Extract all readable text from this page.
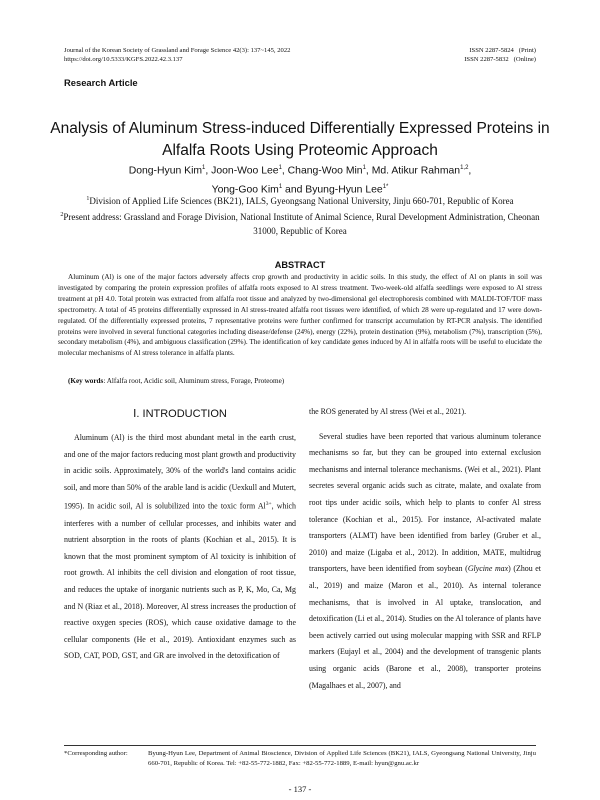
Journal of the Korean Society of Grassland and Forage Science 42(3): 137~145, 2022
https://doi.org/10.5333/KGFS.2022.42.3.137
ISSN 2287-5824   (Print)
ISSN 2287-5832   (Online)
Research Article
Analysis of Aluminum Stress-induced Differentially Expressed Proteins in
Alfalfa Roots Using Proteomic Approach
Dong-Hyun Kim$^1$, Joon-Woo Lee$^1$, Chang-Woo Min$^1$, Md. Atikur Rahman$^{1,2}$,
Yong-Goo Kim$^1$ and Byung-Hyun Lee$^{1*}$
$^1$Division of Applied Life Sciences (BK21), IALS, Gyeongsang National University, Jinju 660-701, Republic of Korea
$^2$Present address: Grassland and Forage Division, National Institute of Animal Science, Rural Development Administration, Cheonan 31000, Republic of Korea
ABSTRACT
Aluminum (Al) is one of the major factors adversely affects crop growth and productivity in acidic soils. In this study, the effect of Al on plants in soil was investigated by comparing the protein expression profiles of alfalfa roots exposed to Al stress treatment. Two-week-old alfalfa seedlings were exposed to Al stress treatment at pH 4.0. Total protein was extracted from alfalfa root tissue and analyzed by two-dimensional gel electrophoresis combined with MALDI-TOF/TOF mass spectrometry. A total of 45 proteins differentially expressed in Al stress-treated alfalfa root tissues were identified, of which 28 were up-regulated and 17 were down-regulated. Of the differentially expressed proteins, 7 representative proteins were further confirmed for transcript accumulation by RT-PCR analysis. The identified proteins were involved in several functional categories including disease/defense (24%), energy (22%), protein destination (9%), metabolism (7%), transcription (5%), secondary metabolism (4%), and ambiguous classification (29%). The identification of key candidate genes induced by Al in alfalfa roots will be useful to elucidate the molecular mechanisms of Al stress tolerance in alfalfa plants.
(Key words: Alfalfa root, Acidic soil, Aluminum stress, Forage, Proteome)
Ⅰ. INTRODUCTION

Aluminum (Al) is the third most abundant metal in the earth crust, and one of the major factors reducing most plant growth and productivity in acidic soils. Approximately, 30% of the world's land contains acidic soil, and more than 50% of the arable land is acidic (Uexkull and Mutert, 1995). In acidic soil, Al is solubilized into the toxic form $Al^{3+}$, which interferes with a number of cellular processes, and inhibits water and nutrient absorption in the roots of plants (Kochian et al., 2015). It is known that the most prominent symptom of Al toxicity is inhibition of root growth. Al inhibits the cell division and elongation of root tissue, and reduces the uptake of inorganic nutrients such as P, K, Mo, Ca, Mg and N (Riaz et al., 2018). Moreover, Al stress increases the production of reactive oxygen species (ROS), which cause oxidative damage to the cellular components (He et al., 2019). Antioxidant enzymes such as SOD, CAT, POD, GST, and GR are involved in the detoxification of

the ROS generated by Al stress (Wei et al., 2021).

Several studies have been reported that various aluminum tolerance mechanisms so far, but they can be grouped into external exclusion mechanisms and internal tolerance mechanisms. (Wei et al., 2021). Plant secretes several organic acids such as citrate, malate, and oxalate from root tips under acidic soils, which help to plants to confer Al stress tolerance (Kochian et al., 2015). For instance, Al-activated malate transporters (ALMT) have been identified from barley (Gruber et al., 2010) and maize (Ligaba et al., 2012). In addition, MATE, multidrug transporters, have been identified from soybean (Glycine max) (Zhou et al., 2019) and maize (Maron et al., 2010). As internal tolerance mechanisms, that is involved in Al uptake, translocation, and detoxification (Li et al., 2014). Studies on the Al tolerance of plants have been actively carried out using molecular mapping with SSR and RFLP markers (Eujayl et al., 2004) and the development of transgenic plants using organic acids (Barone et al., 2008), transporter proteins (Magalhaes et al., 2007), and

*Corresponding author:	Byung-Hyun Lee, Department of Animal Bioscience, Division of Applied Life Sciences (BK21), IALS, Gyeongsang National University, Jinju 660-701, Republic of Korea. Tel: +82-55-772-1882, Fax: +82-55-772-1889, E-mail: hyun@gnu.ac.kr
- 137 -
